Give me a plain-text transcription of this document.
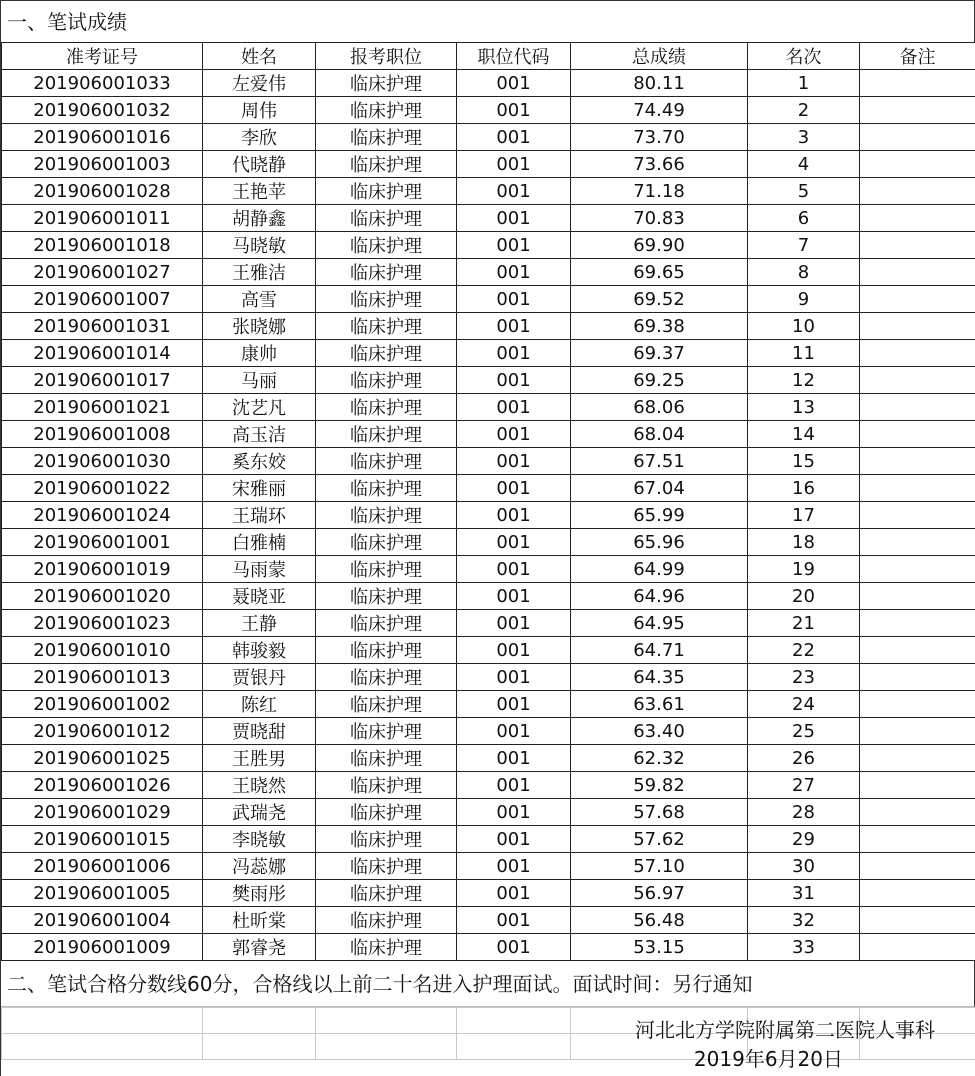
一、笔试成绩
准考证号	姓名	报考职位	职位代码	总成绩	名次	备注
201906001033	左爱伟	临床护理	001	80.11	1	
201906001032	周伟	临床护理	001	74.49	2	
201906001016	李欣	临床护理	001	73.70	3	
201906001003	代晓静	临床护理	001	73.66	4	
201906001028	王艳苹	临床护理	001	71.18	5	
201906001011	胡静鑫	临床护理	001	70.83	6	
201906001018	马晓敏	临床护理	001	69.90	7	
201906001027	王雅洁	临床护理	001	69.65	8	
201906001007	高雪	临床护理	001	69.52	9	
201906001031	张晓娜	临床护理	001	69.38	10	
201906001014	康帅	临床护理	001	69.37	11	
201906001017	马丽	临床护理	001	69.25	12	
201906001021	沈艺凡	临床护理	001	68.06	13	
201906001008	高玉洁	临床护理	001	68.04	14	
201906001030	奚东姣	临床护理	001	67.51	15	
201906001022	宋雅丽	临床护理	001	67.04	16	
201906001024	王瑞环	临床护理	001	65.99	17	
201906001001	白雅楠	临床护理	001	65.96	18	
201906001019	马雨蒙	临床护理	001	64.99	19	
201906001020	聂晓亚	临床护理	001	64.96	20	
201906001023	王静	临床护理	001	64.95	21	
201906001010	韩骏毅	临床护理	001	64.71	22	
201906001013	贾银丹	临床护理	001	64.35	23	
201906001002	陈红	临床护理	001	63.61	24	
201906001012	贾晓甜	临床护理	001	63.40	25	
201906001025	王胜男	临床护理	001	62.32	26	
201906001026	王晓然	临床护理	001	59.82	27	
201906001029	武瑞尧	临床护理	001	57.68	28	
201906001015	李晓敏	临床护理	001	57.62	29	
201906001006	冯蕊娜	临床护理	001	57.10	30	
201906001005	樊雨彤	临床护理	001	56.97	31	
201906001004	杜昕棠	临床护理	001	56.48	32	
201906001009	郭睿尧	临床护理	001	53.15	33	
二、笔试合格分数线60分，合格线以上前二十名进入护理面试。面试时间：另行通知

河北北方学院附属第二医院人事科
2019年6月20日
